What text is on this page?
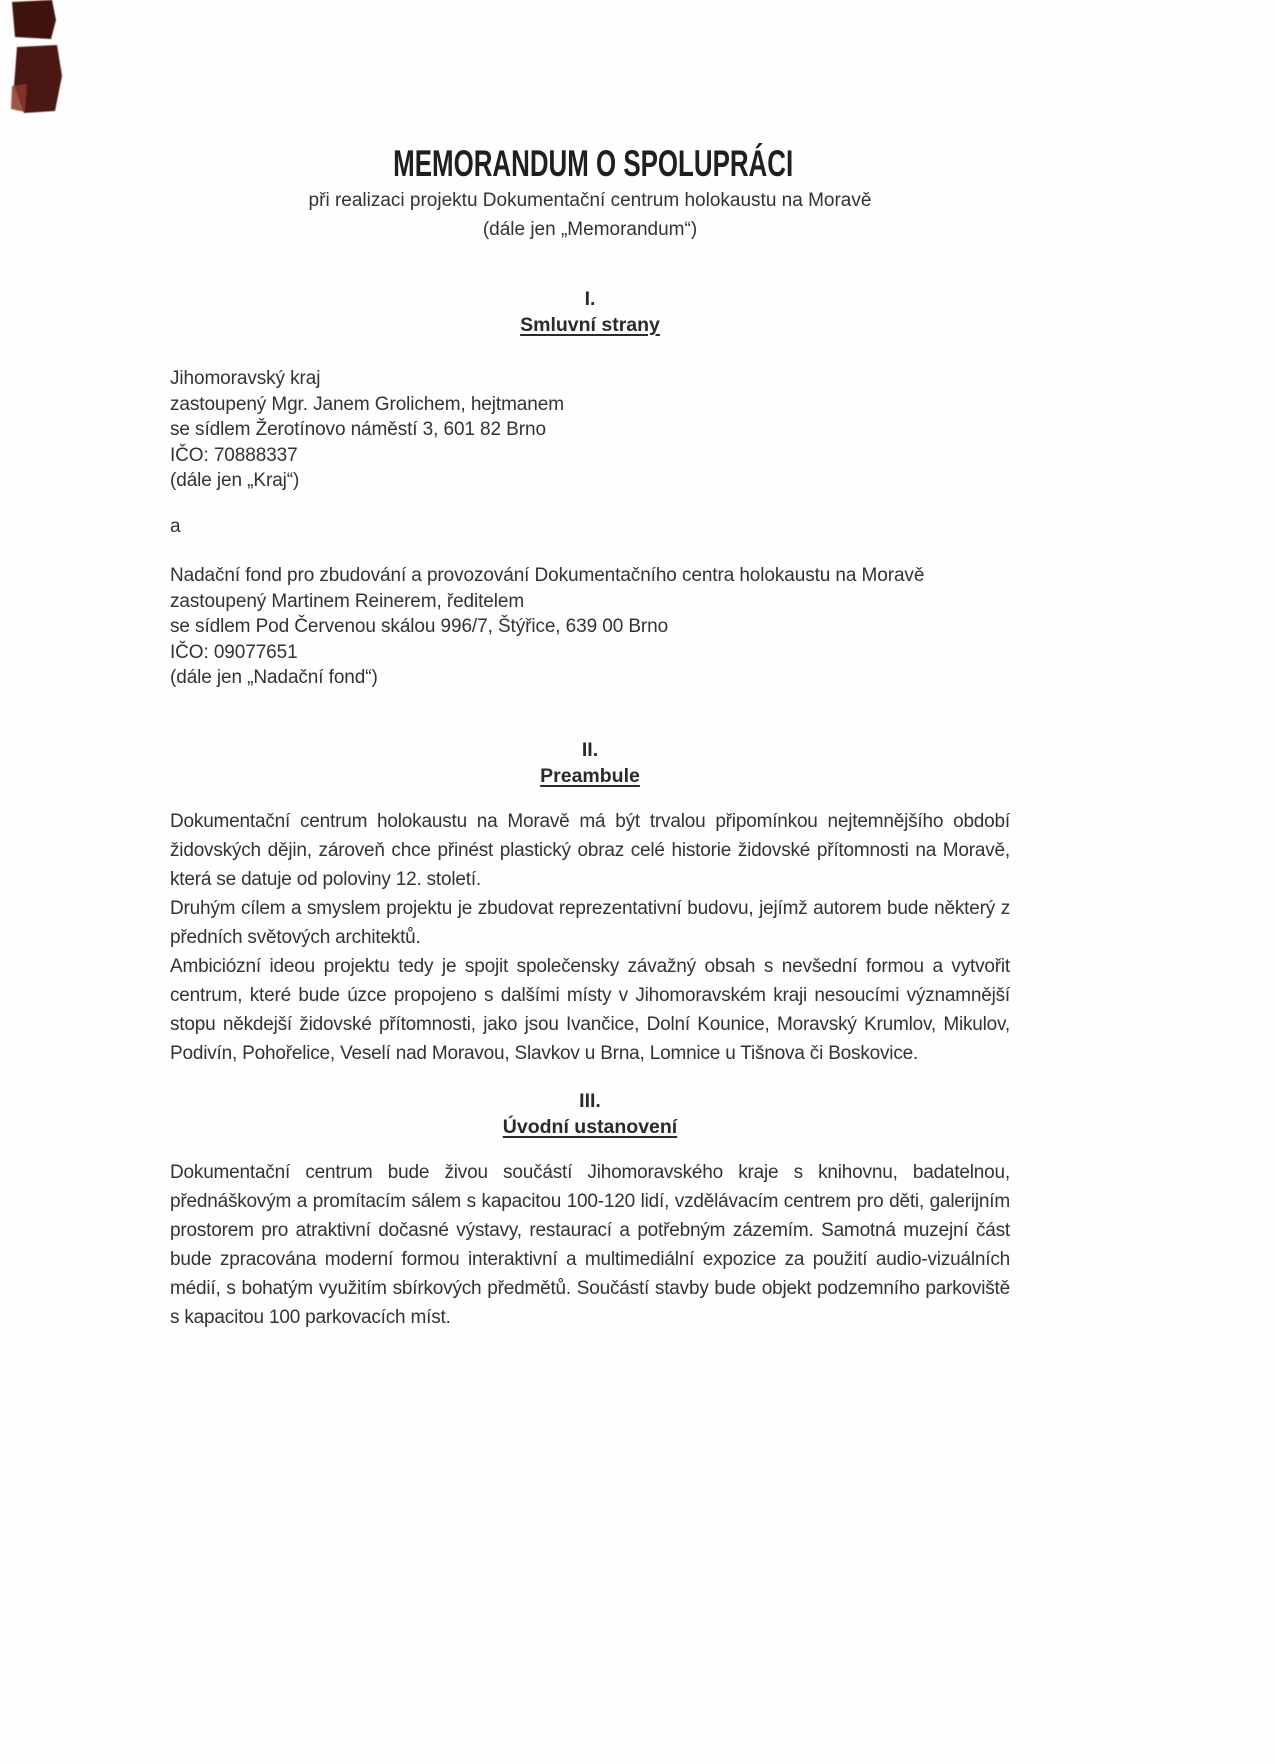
MEMORANDUM O SPOLUPRÁCI

při realizaci projektu Dokumentační centrum holokaustu na Moravě

(dále jen „Memorandum“)

I.
Smluvní strany

Jihomoravský kraj

zastoupený Mgr. Janem Grolichem, hejtmanem

se sídlem Žerotínovo náměstí 3, 601 82 Brno

IČO: 70888337

(dále jen „Kraj“)

a

Nadační fond pro zbudování a provozování Dokumentačního centra holokaustu na Moravě

zastoupený Martinem Reinerem, ředitelem

se sídlem Pod Červenou skálou 996/7, Štýřice, 639 00 Brno

IČO: 09077651

(dále jen „Nadační fond“)

II.
Preambule

Dokumentační centrum holokaustu na Moravě má být trvalou připomínkou nejtemnějšího období židovských dějin, zároveň chce přinést plastický obraz celé historie židovské přítomnosti na Moravě, která se datuje od poloviny 12. století.

Druhým cílem a smyslem projektu je zbudovat reprezentativní budovu, jejímž autorem bude některý z předních světových architektů.

Ambiciózní ideou projektu tedy je spojit společensky závažný obsah s nevšední formou a vytvořit centrum, které bude úzce propojeno s dalšími místy v Jihomoravském kraji nesoucími významnější stopu někdejší židovské přítomnosti, jako jsou Ivančice, Dolní Kounice, Moravský Krumlov, Mikulov, Podivín, Pohořelice, Veselí nad Moravou, Slavkov u Brna, Lomnice u Tišnova či Boskovice.

III.
Úvodní ustanovení

Dokumentační centrum bude živou součástí Jihomoravského kraje s knihovnu, badatelnou, přednáškovým a promítacím sálem s kapacitou 100-120 lidí, vzdělávacím centrem pro děti, galerijním prostorem pro atraktivní dočasné výstavy, restaurací a potřebným zázemím. Samotná muzejní část bude zpracována moderní formou interaktivní a multimediální expozice za použití audio-vizuálních médií, s bohatým využitím sbírkových předmětů. Součástí stavby bude objekt podzemního parkoviště s kapacitou 100 parkovacích míst.
